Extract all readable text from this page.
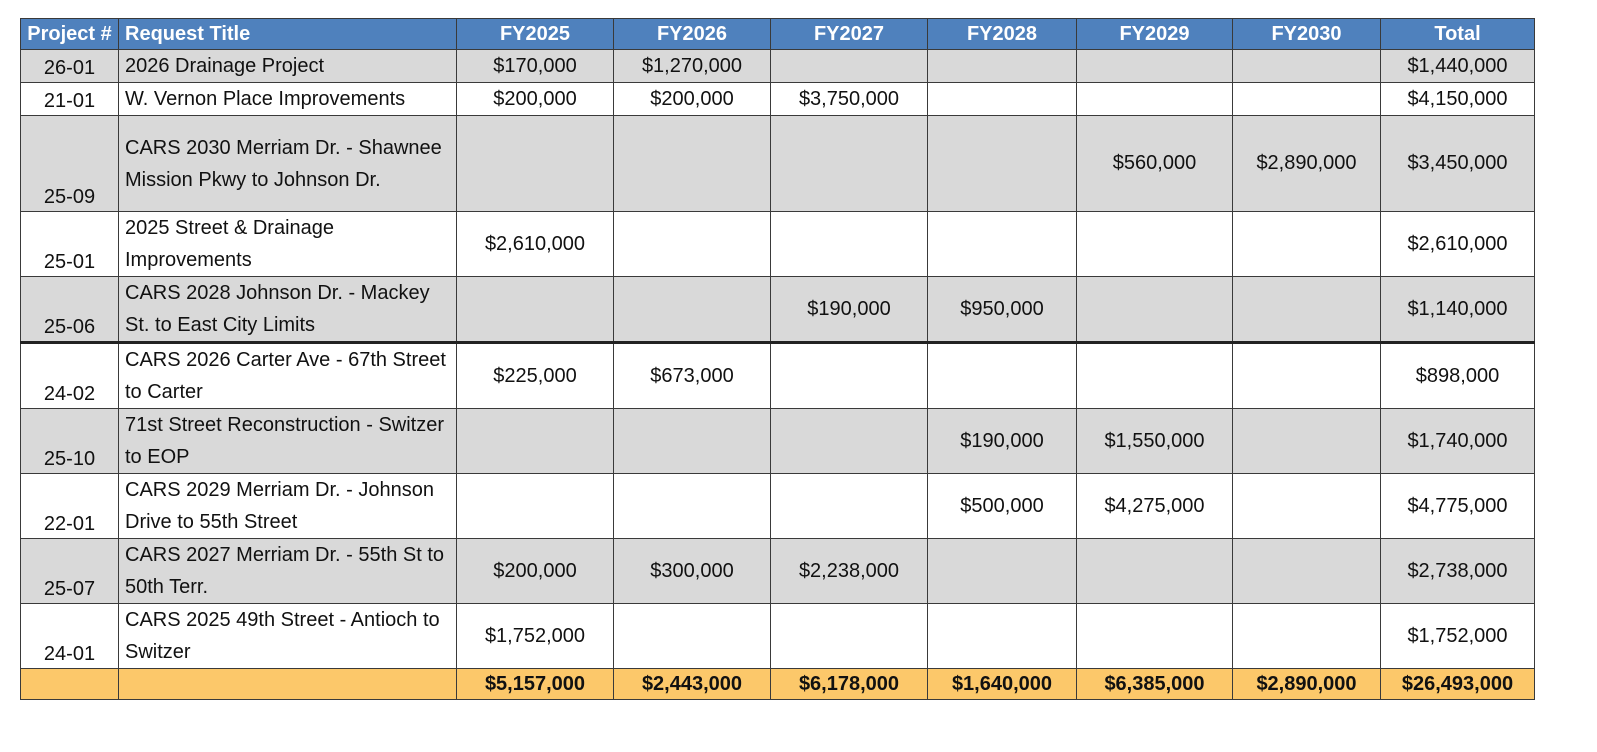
Project #	Request Title	FY2025	FY2026	FY2027	FY2028	FY2029	FY2030	Total
26-01	2026 Drainage Project	$170,000	$1,270,000					$1,440,000
21-01	W. Vernon Place Improvements	$200,000	$200,000	$3,750,000				$4,150,000
25-09	CARS 2030 Merriam Dr. - Shawnee Mission Pkwy to Johnson Dr.					$560,000	$2,890,000	$3,450,000
25-01	2025 Street & Drainage Improvements	$2,610,000						$2,610,000
25-06	CARS 2028 Johnson Dr. - Mackey St. to East City Limits			$190,000	$950,000			$1,140,000
24-02	CARS 2026 Carter Ave - 67th Street to Carter	$225,000	$673,000					$898,000
25-10	71st Street Reconstruction - Switzer to EOP				$190,000	$1,550,000		$1,740,000
22-01	CARS 2029 Merriam Dr. - Johnson Drive to 55th Street				$500,000	$4,275,000		$4,775,000
25-07	CARS 2027 Merriam Dr. - 55th St to 50th Terr.	$200,000	$300,000	$2,238,000				$2,738,000
24-01	CARS 2025 49th Street - Antioch to Switzer	$1,752,000						$1,752,000
		$5,157,000	$2,443,000	$6,178,000	$1,640,000	$6,385,000	$2,890,000	$26,493,000
